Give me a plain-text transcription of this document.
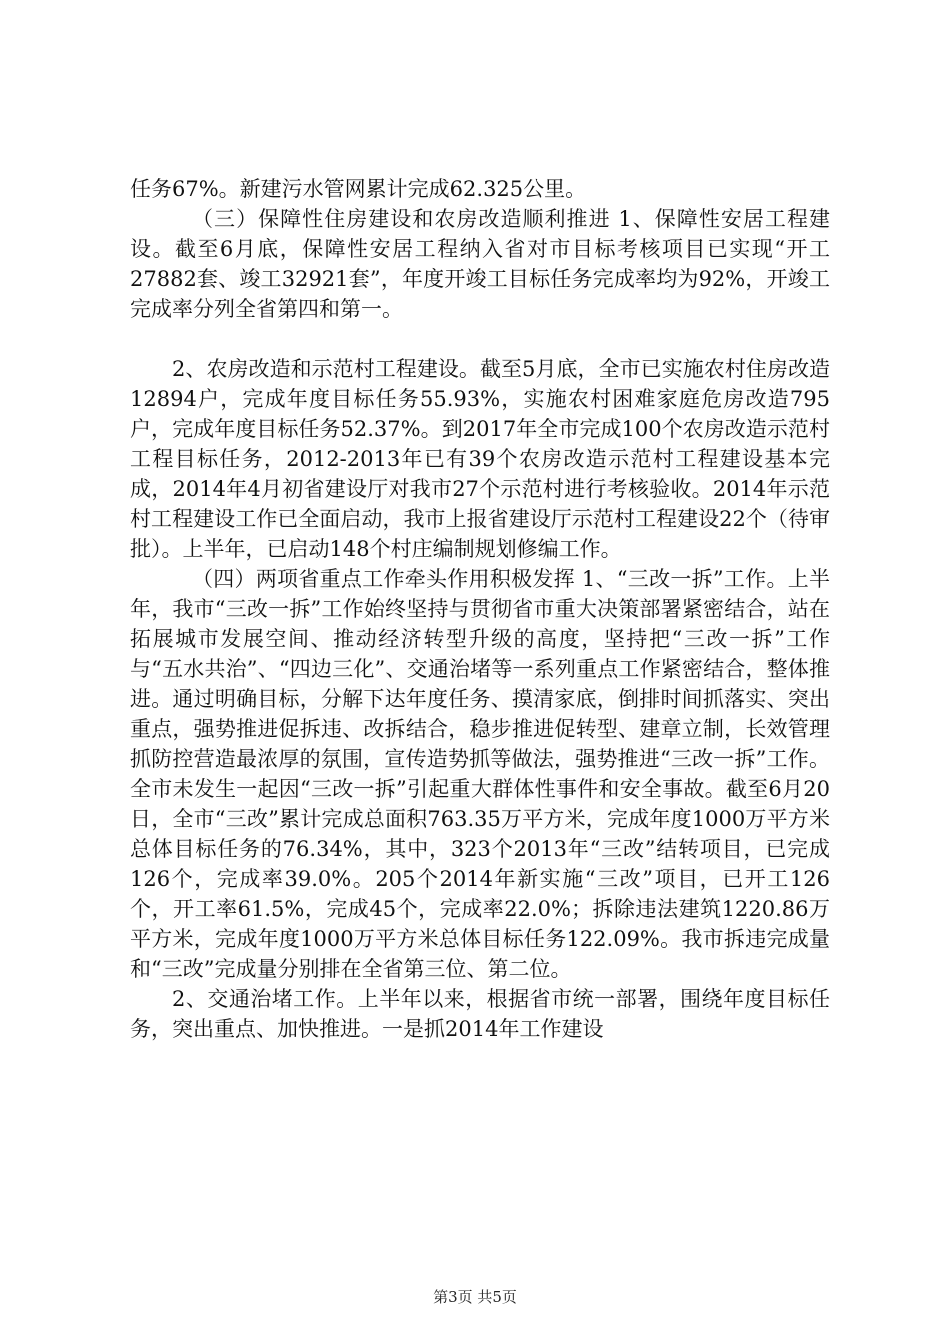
任务67%。新建污水管网累计完成62.325公里。

（三）保障性住房建设和农房改造顺利推进 1、保障性安居工程建设。截至6月底，保障性安居工程纳入省对市目标考核项目已实现“开工27882套、竣工32921套”，年度开竣工目标任务完成率均为92%，开竣工完成率分列全省第四和第一。

2、农房改造和示范村工程建设。截至5月底，全市已实施农村住房改造12894户，完成年度目标任务55.93%，实施农村困难家庭危房改造795户，完成年度目标任务52.37%。到2017年全市完成100个农房改造示范村工程目标任务，2012-2013年已有39个农房改造示范村工程建设基本完成，2014年4月初省建设厅对我市27个示范村进行考核验收。2014年示范村工程建设工作已全面启动，我市上报省建设厅示范村工程建设22个（待审批）。上半年，已启动148个村庄编制规划修编工作。

（四）两项省重点工作牵头作用积极发挥 1、“三改一拆”工作。上半年，我市“三改一拆”工作始终坚持与贯彻省市重大决策部署紧密结合，站在拓展城市发展空间、推动经济转型升级的高度，坚持把“三改一拆”工作与“五水共治”、“四边三化”、交通治堵等一系列重点工作紧密结合，整体推进。通过明确目标，分解下达年度任务、摸清家底，倒排时间抓落实、突出重点，强势推进促拆违、改拆结合，稳步推进促转型、建章立制，长效管理抓防控营造最浓厚的氛围，宣传造势抓等做法，强势推进“三改一拆”工作。全市未发生一起因“三改一拆”引起重大群体性事件和安全事故。截至6月20日，全市“三改”累计完成总面积763.35万平方米，完成年度1000万平方米总体目标任务的76.34%，其中，323个2013年“三改”结转项目，已完成126个，完成率39.0%。205个2014年新实施“三改”项目，已开工126个，开工率61.5%，完成45个，完成率22.0%；拆除违法建筑1220.86万平方米，完成年度1000万平方米总体目标任务122.09%。我市拆违完成量和“三改”完成量分别排在全省第三位、第二位。

2、交通治堵工作。上半年以来，根据省市统一部署，围绕年度目标任务，突出重点、加快推进。一是抓2014年工作建设

第3页 共5页
